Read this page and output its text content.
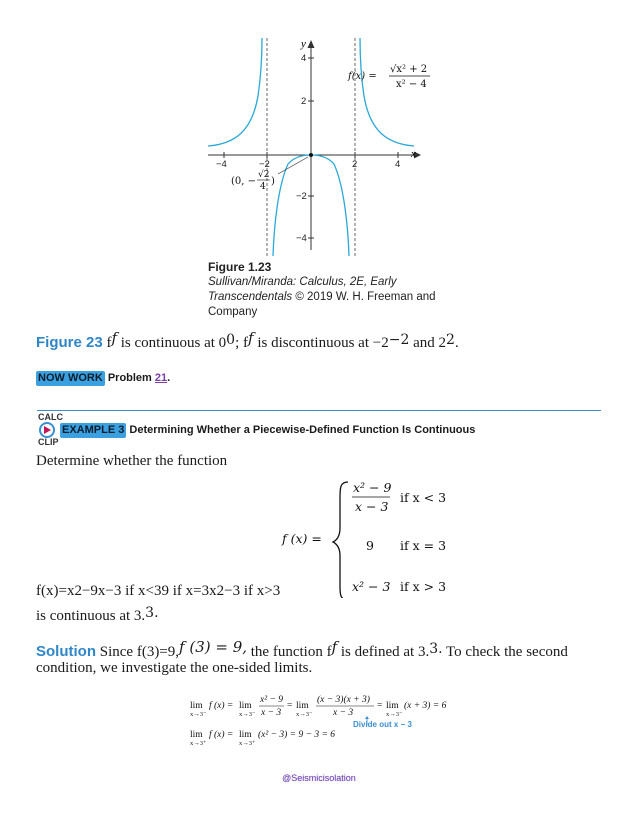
y
x
4
2
−2
−4
−4	−2	2	4
f(x) =
√x² + 2
x² − 4
(0, −
√2
4 )
Figure 1.23
Sullivan/Miranda: Calculus, 2E, Early
Transcendentals © 2019 W. H. Freeman and
Company
Figure 23 ff is continuous at 00; ff is discontinuous at −2−2 and 22.
NOW WORK Problem 21.
CALC
CLIP
EXAMPLE 3 Determining Whether a Piecewise-Defined Function Is Continuous
Determine whether the function
f (x) =
x² − 9
x − 3
if x < 3
9 if x = 3
x² − 3 if x > 3
f(x)=x2−9x−3 if x<39 if x=3x2−3 if x>3
is continuous at 3.3.
Solution Since f(3)=9,f (3) = 9, the function ff is defined at 3.3. To check the second
condition, we investigate the one-sided limits.
lim
x→3⁻
f (x) = lim
x→3⁻
x² − 9
x − 3
= lim
x→3⁻
(x − 3)(x + 3)
x − 3
= lim
x→3⁻
(x + 3) = 6
lim
x→3⁺
f (x) = lim
x→3⁺
(x² − 3) = 9 − 3 = 6
Divide out x − 3
@Seismicisolation
